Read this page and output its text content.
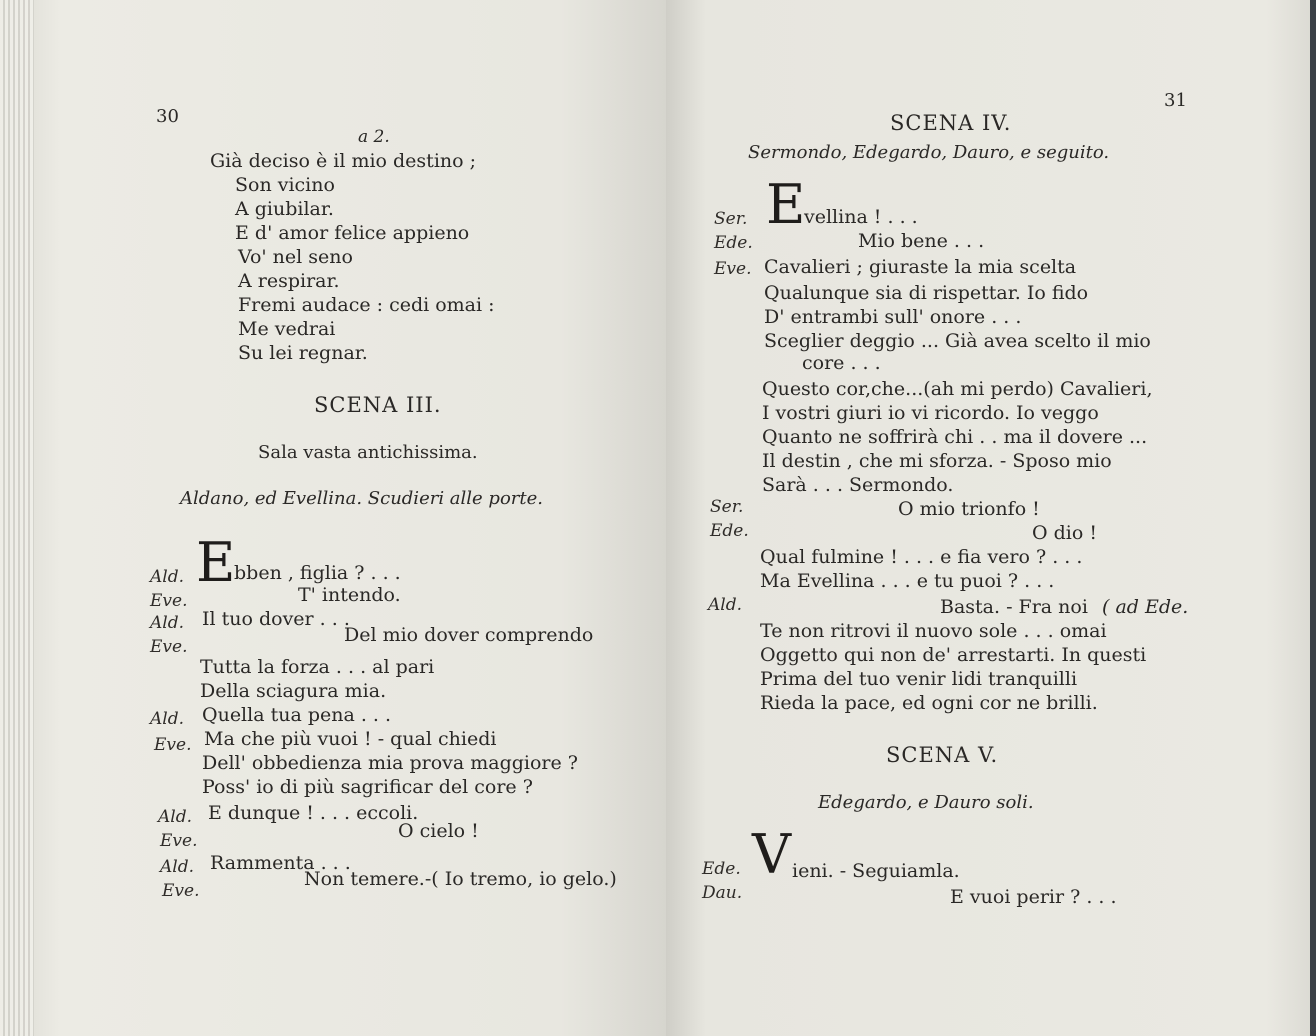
30
a 2.
Già deciso è il mio destino ;
Son vicino
A giubilar.
E d' amor felice appieno
Vo' nel seno
A respirar.
Fremi audace : cedi omai :
Me vedrai
Su lei regnar.
SCENA III.
Sala vasta antichissima.
Aldano, ed Evellina. Scudieri alle porte.
Ald. E
bben , figlia ? . . .
Eve.	T' intendo.
Ald. Il tuo dover . . .
Eve.
Del mio dover comprendo
Tutta la forza . . . al pari
Della sciagura mia.
Ald. Quella tua pena . . .
Eve. Ma che più vuoi ! - qual chiedi
Dell' obbedienza mia prova maggiore ?
Poss' io di più sagrificar del core ?
Ald. E dunque ! . . . eccoli.
Eve.	O cielo !
Ald. Rammenta . . .
Eve.
Non temere.-( Io tremo, io gelo.)
31
SCENA IV.
Sermondo, Edegardo, Dauro, e seguito.
Ser. E
vellina ! . . .
Ede.	Mio bene . . .
Eve. Cavalieri ; giuraste la mia scelta
Qualunque sia di rispettar. Io fido
D' entrambi sull' onore . . .
Sceglier deggio ... Già avea scelto il mio
core . . .
Questo cor,che...(ah mi perdo) Cavalieri,
I vostri giuri io vi ricordo. Io veggo
Quanto ne soffrirà chi . . ma il dovere ...
Il destin , che mi sforza. - Sposo mio
Sarà . . . Sermondo.
Ser.	O mio trionfo !
Ede.	O dio !
Qual fulmine ! . . . e fia vero ? . . .
Ma Evellina . . . e tu puoi ? . . .
Ald.	Basta. - Fra noi ( ad Ede.
Te non ritrovi il nuovo sole . . . omai
Oggetto qui non de' arrestarti. In questi
Prima del tuo venir lidi tranquilli
Rieda la pace, ed ogni cor ne brilli.
SCENA V.
Edegardo, e Dauro soli.
Ede. V ieni. - Seguiamla.
Dau.	E vuoi perir ? . . .
